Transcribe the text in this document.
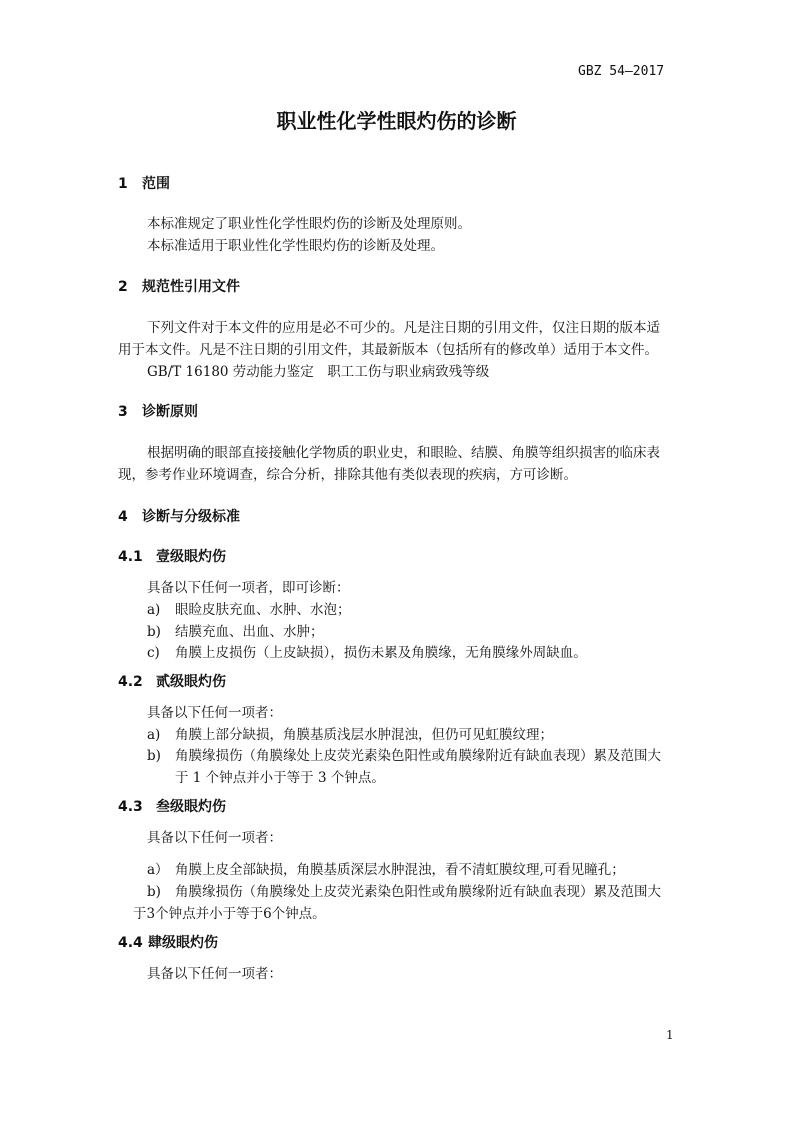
GBZ 54—2017
职业性化学性眼灼伤的诊断
1 范围
本标准规定了职业性化学性眼灼伤的诊断及处理原则。
本标准适用于职业性化学性眼灼伤的诊断及处理。
2 规范性引用文件
下列文件对于本文件的应用是必不可少的。凡是注日期的引用文件，仅注日期的版本适
用于本文件。凡是不注日期的引用文件，其最新版本（包括所有的修改单）适用于本文件。
GB/T 16180 劳动能力鉴定　职工工伤与职业病致残等级
3 诊断原则
根据明确的眼部直接接触化学物质的职业史，和眼睑、结膜、角膜等组织损害的临床表
现，参考作业环境调查，综合分析，排除其他有类似表现的疾病，方可诊断。
4 诊断与分级标准
4.1 壹级眼灼伤
具备以下任何一项者，即可诊断：
a) 眼睑皮肤充血、水肿、水泡；
b) 结膜充血、出血、水肿；
c) 角膜上皮损伤（上皮缺损），损伤未累及角膜缘，无角膜缘外周缺血。
4.2 贰级眼灼伤
具备以下任何一项者：
a) 角膜上部分缺损，角膜基质浅层水肿混浊，但仍可见虹膜纹理；
b) 角膜缘损伤（角膜缘处上皮荧光素染色阳性或角膜缘附近有缺血表现）累及范围大
于 1 个钟点并小于等于 3 个钟点。
4.3 叁级眼灼伤
具备以下任何一项者：
a） 角膜上皮全部缺损，角膜基质深层水肿混浊，看不清虹膜纹理,可看见瞳孔；
b) 角膜缘损伤（角膜缘处上皮荧光素染色阳性或角膜缘附近有缺血表现）累及范围大
于3个钟点并小于等于6个钟点。
4.4 肆级眼灼伤
具备以下任何一项者：
1
